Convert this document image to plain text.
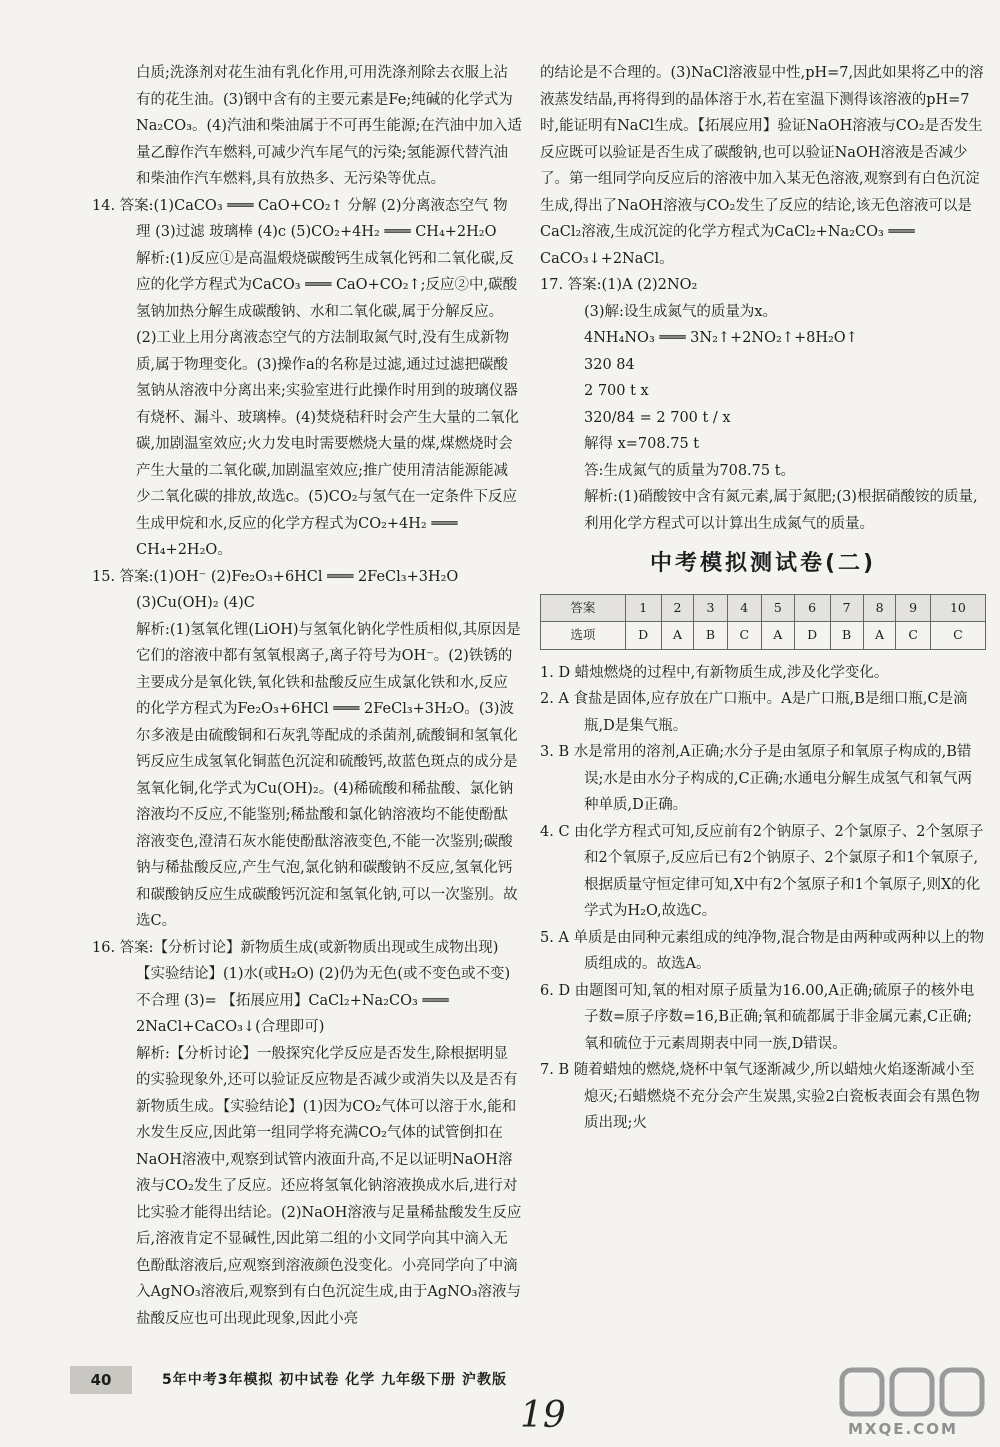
白质;洗涤剂对花生油有乳化作用,可用洗涤剂除去衣服上沾有的花生油。(3)钢中含有的主要元素是Fe;纯碱的化学式为Na₂CO₃。(4)汽油和柴油属于不可再生能源;在汽油中加入适量乙醇作汽车燃料,可减少汽车尾气的污染;氢能源代替汽油和柴油作汽车燃料,具有放热多、无污染等优点。

14. 答案:(1)CaCO₃ ═══ CaO+CO₂↑ 分解 (2)分离液态空气 物理 (3)过滤 玻璃棒 (4)c (5)CO₂+4H₂ ═══ CH₄+2H₂O

解析:(1)反应①是高温煅烧碳酸钙生成氧化钙和二氧化碳,反应的化学方程式为CaCO₃ ═══ CaO+CO₂↑;反应②中,碳酸氢钠加热分解生成碳酸钠、水和二氧化碳,属于分解反应。(2)工业上用分离液态空气的方法制取氮气时,没有生成新物质,属于物理变化。(3)操作a的名称是过滤,通过过滤把碳酸氢钠从溶液中分离出来;实验室进行此操作时用到的玻璃仪器有烧杯、漏斗、玻璃棒。(4)焚烧秸秆时会产生大量的二氧化碳,加剧温室效应;火力发电时需要燃烧大量的煤,煤燃烧时会产生大量的二氧化碳,加剧温室效应;推广使用清洁能源能减少二氧化碳的排放,故选c。(5)CO₂与氢气在一定条件下反应生成甲烷和水,反应的化学方程式为CO₂+4H₂ ═══ CH₄+2H₂O。

15. 答案:(1)OH⁻ (2)Fe₂O₃+6HCl ═══ 2FeCl₃+3H₂O (3)Cu(OH)₂ (4)C

解析:(1)氢氧化锂(LiOH)与氢氧化钠化学性质相似,其原因是它们的溶液中都有氢氧根离子,离子符号为OH⁻。(2)铁锈的主要成分是氧化铁,氧化铁和盐酸反应生成氯化铁和水,反应的化学方程式为Fe₂O₃+6HCl ═══ 2FeCl₃+3H₂O。(3)波尔多液是由硫酸铜和石灰乳等配成的杀菌剂,硫酸铜和氢氧化钙反应生成氢氧化铜蓝色沉淀和硫酸钙,故蓝色斑点的成分是氢氧化铜,化学式为Cu(OH)₂。(4)稀硫酸和稀盐酸、氯化钠溶液均不反应,不能鉴别;稀盐酸和氯化钠溶液均不能使酚酞溶液变色,澄清石灰水能使酚酞溶液变色,不能一次鉴别;碳酸钠与稀盐酸反应,产生气泡,氯化钠和碳酸钠不反应,氢氧化钙和碳酸钠反应生成碳酸钙沉淀和氢氧化钠,可以一次鉴别。故选C。

16. 答案:【分析讨论】新物质生成(或新物质出现或生成物出现) 【实验结论】(1)水(或H₂O) (2)仍为无色(或不变色或不变) 不合理 (3)= 【拓展应用】CaCl₂+Na₂CO₃ ═══ 2NaCl+CaCO₃↓(合理即可)

解析:【分析讨论】一般探究化学反应是否发生,除根据明显的实验现象外,还可以验证反应物是否减少或消失以及是否有新物质生成。【实验结论】(1)因为CO₂气体可以溶于水,能和水发生反应,因此第一组同学将充满CO₂气体的试管倒扣在NaOH溶液中,观察到试管内液面升高,不足以证明NaOH溶液与CO₂发生了反应。还应将氢氧化钠溶液换成水后,进行对比实验才能得出结论。(2)NaOH溶液与足量稀盐酸发生反应后,溶液肯定不显碱性,因此第二组的小文同学向其中滴入无色酚酞溶液后,应观察到溶液颜色没变化。小亮同学向了中滴入AgNO₃溶液后,观察到有白色沉淀生成,由于AgNO₃溶液与盐酸反应也可出现此现象,因此小亮

的结论是不合理的。(3)NaCl溶液显中性,pH=7,因此如果将乙中的溶液蒸发结晶,再将得到的晶体溶于水,若在室温下测得该溶液的pH=7时,能证明有NaCl生成。【拓展应用】验证NaOH溶液与CO₂是否发生反应既可以验证是否生成了碳酸钠,也可以验证NaOH溶液是否减少了。第一组同学向反应后的溶液中加入某无色溶液,观察到有白色沉淀生成,得出了NaOH溶液与CO₂发生了反应的结论,该无色溶液可以是CaCl₂溶液,生成沉淀的化学方程式为CaCl₂+Na₂CO₃ ═══ CaCO₃↓+2NaCl。

17. 答案:(1)A (2)2NO₂

(3)解:设生成氮气的质量为x。

4NH₄NO₃ ═══ 3N₂↑+2NO₂↑+8H₂O↑

320 84

2 700 t x

320/84 = 2 700 t / x

解得 x=708.75 t

答:生成氮气的质量为708.75 t。

解析:(1)硝酸铵中含有氮元素,属于氮肥;(3)根据硝酸铵的质量,利用化学方程式可以计算出生成氮气的质量。

中考模拟测试卷(二)
答案	1	2	3	4	5	6	7	8	9	10
选项	D	A	B	C	A	D	B	A	C	C

1. D 蜡烛燃烧的过程中,有新物质生成,涉及化学变化。

2. A 食盐是固体,应存放在广口瓶中。A是广口瓶,B是细口瓶,C是滴瓶,D是集气瓶。

3. B 水是常用的溶剂,A正确;水分子是由氢原子和氧原子构成的,B错误;水是由水分子构成的,C正确;水通电分解生成氢气和氧气两种单质,D正确。

4. C 由化学方程式可知,反应前有2个钠原子、2个氯原子、2个氢原子和2个氧原子,反应后已有2个钠原子、2个氯原子和1个氧原子,根据质量守恒定律可知,X中有2个氢原子和1个氧原子,则X的化学式为H₂O,故选C。

5. A 单质是由同种元素组成的纯净物,混合物是由两种或两种以上的物质组成的。故选A。

6. D 由题图可知,氧的相对原子质量为16.00,A正确;硫原子的核外电子数=原子序数=16,B正确;氧和硫都属于非金属元素,C正确;氧和硫位于元素周期表中同一族,D错误。

7. B 随着蜡烛的燃烧,烧杯中氧气逐渐减少,所以蜡烛火焰逐渐减小至熄灭;石蜡燃烧不充分会产生炭黑,实验2白瓷板表面会有黑色物质出现;火

40	5年中考3年模拟 初中试卷 化学 九年级下册 沪教版
19	MXQE.COM
